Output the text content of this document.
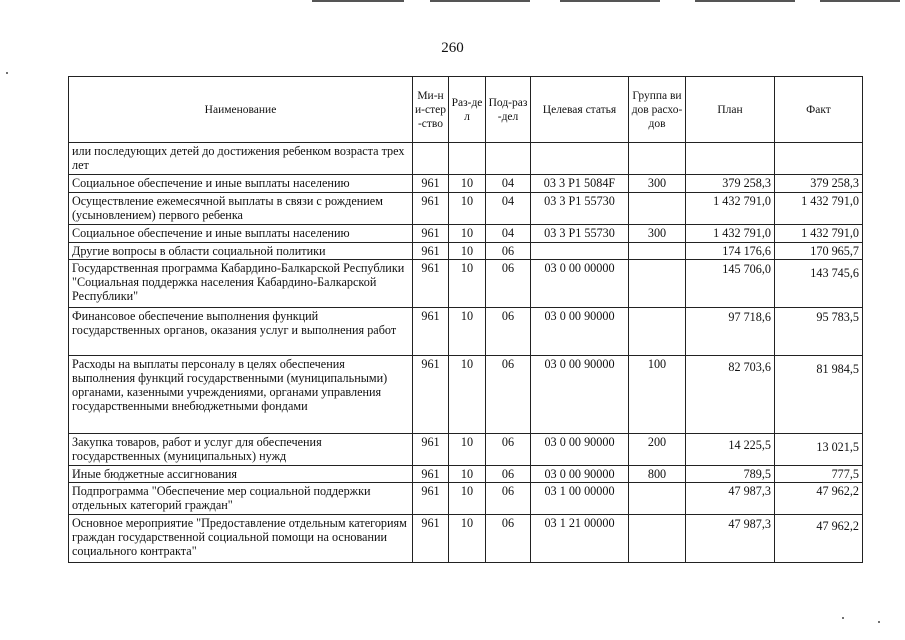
260
Наименование	Ми-ни-стер-ство	Раз-дел	Под-раз-дел	Целевая статья	Группа видов расхо-дов	План	Факт
или последующих детей до достижения ребенком возраста трех лет							
Социальное обеспечение и иные выплаты населению	961	10	04	03 3 P1 5084F	300	379 258,3	379 258,3
Осуществление ежемесячной выплаты в связи с рождением (усыновлением) первого ребенка	961	10	04	03 3 P1 55730		1 432 791,0	1 432 791,0
Социальное обеспечение и иные выплаты населению	961	10	04	03 3 P1 55730	300	1 432 791,0	1 432 791,0
Другие вопросы в области социальной политики	961	10	06			174 176,6	170 965,7
Государственная программа Кабардино-Балкарской Республики "Социальная поддержка населения Кабардино-Балкарской Республики"	961	10	06	03 0 00 00000		145 706,0	143 745,6
Финансовое обеспечение выполнения функций государственных органов, оказания услуг и выполнения работ	961	10	06	03 0 00 90000		97 718,6	95 783,5
Расходы на выплаты персоналу в целях обеспечения выполнения функций государственными (муниципальными) органами, казенными учреждениями, органами управления государственными внебюджетными фондами	961	10	06	03 0 00 90000	100	82 703,6	81 984,5
Закупка товаров, работ и услуг для обеспечения государственных (муниципальных) нужд	961	10	06	03 0 00 90000	200	14 225,5	13 021,5
Иные бюджетные ассигнования	961	10	06	03 0 00 90000	800	789,5	777,5
Подпрограмма "Обеспечение мер социальной поддержки отдельных категорий граждан"	961	10	06	03 1 00 00000		47 987,3	47 962,2
Основное мероприятие "Предоставление отдельным категориям граждан государственной социальной помощи на основании социального контракта"	961	10	06	03 1 21 00000		47 987,3	47 962,2
